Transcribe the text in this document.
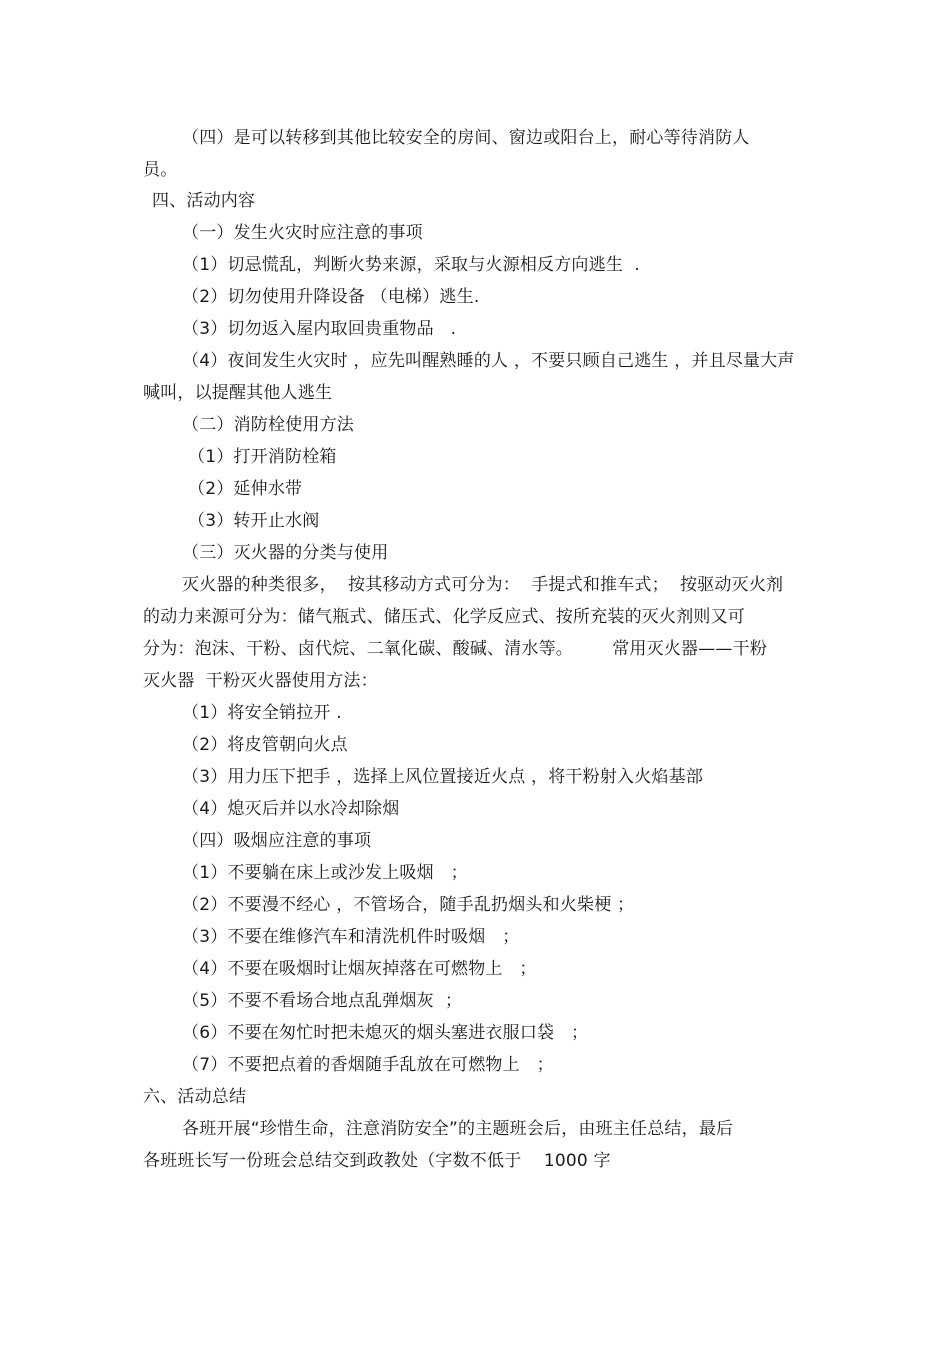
（四）是可以转移到其他比较安全的房间、窗边或阳台上，耐心等待消防人
员。
四、活动内容
（一）发生火灾时应注意的事项
（1）切忌慌乱，判断火势来源，采取与火源相反方向逃生  .
（2）切勿使用升降设备 （电梯）逃生.
（3）切勿返入屋内取回贵重物品   .
（4）夜间发生火灾时 ，应先叫醒熟睡的人 ，不要只顾自己逃生 ，并且尽量大声
喊叫，以提醒其他人逃生
（二）消防栓使用方法
（1）打开消防栓箱
（2）延伸水带
（3）转开止水阀
（三）灭火器的分类与使用
灭火器的种类很多，  按其移动方式可分为：  手提式和推车式；  按驱动灭火剂
的动力来源可分为：储气瓶式、储压式、化学反应式、按所充装的灭火剂则又可
分为：泡沫、干粉、卤代烷、二氧化碳、酸碱、清水等。       常用灭火器——干粉
灭火器  干粉灭火器使用方法：
（1）将安全销拉开 .
（2）将皮管朝向火点
（3）用力压下把手 ，选择上风位置接近火点 ，将干粉射入火焰基部
（4）熄灭后并以水冷却除烟
（四）吸烟应注意的事项
（1）不要躺在床上或沙发上吸烟   ；
（2）不要漫不经心 ，不管场合，随手乱扔烟头和火柴梗 ；
（3）不要在维修汽车和清洗机件时吸烟   ；
（4）不要在吸烟时让烟灰掉落在可燃物上   ；
（5）不要不看场合地点乱弹烟灰  ；
（6）不要在匆忙时把未熄灭的烟头塞进衣服口袋   ；
（7）不要把点着的香烟随手乱放在可燃物上   ；
六、活动总结
各班开展“珍惜生命，注意消防安全”的主题班会后，由班主任总结，最后
各班班长写一份班会总结交到政教处（字数不低于    1000 字
